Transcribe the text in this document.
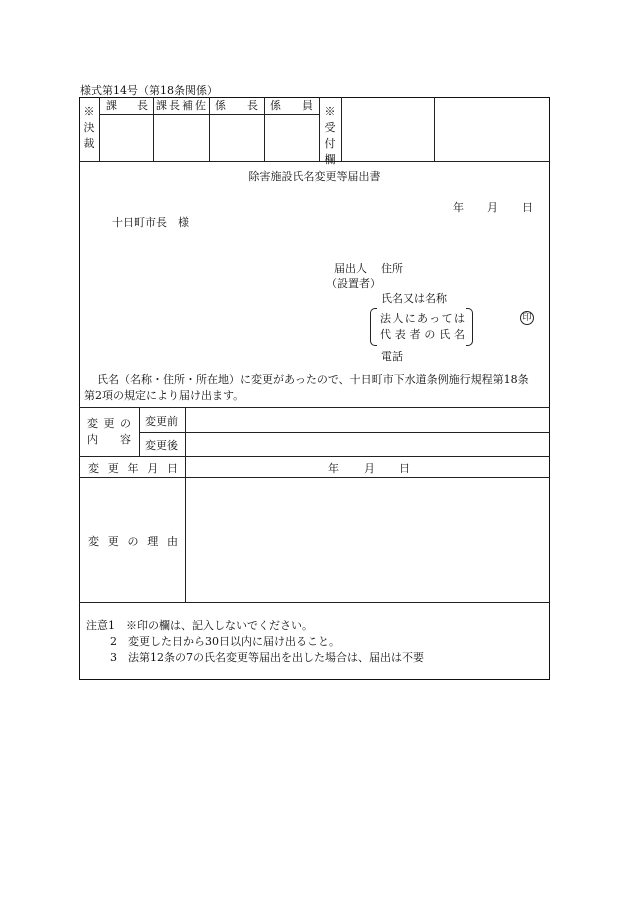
様式第14号（第18条関係）
※決裁
※受付欄
課　長 課長補佐 係　長 係　員
除害施設氏名変更等届出書
年 月 日
十日町市長　様
届出人
（設置者）
住所
氏名又は名称
法人にあっては
代表者の氏名
印
電話
氏名（名称・住所・所在地）に変更があったので、十日町市下水道条例施行規程第18条
第2項の規定により届け出ます。
変更の
内　容
変更前
変更後
変更年月日	年 月 日
変更の理由
注意1　※印の欄は、記入しないでください。
2　変更した日から30日以内に届け出ること。
3　法第12条の7の氏名変更等届出を出した場合は、届出は不要
